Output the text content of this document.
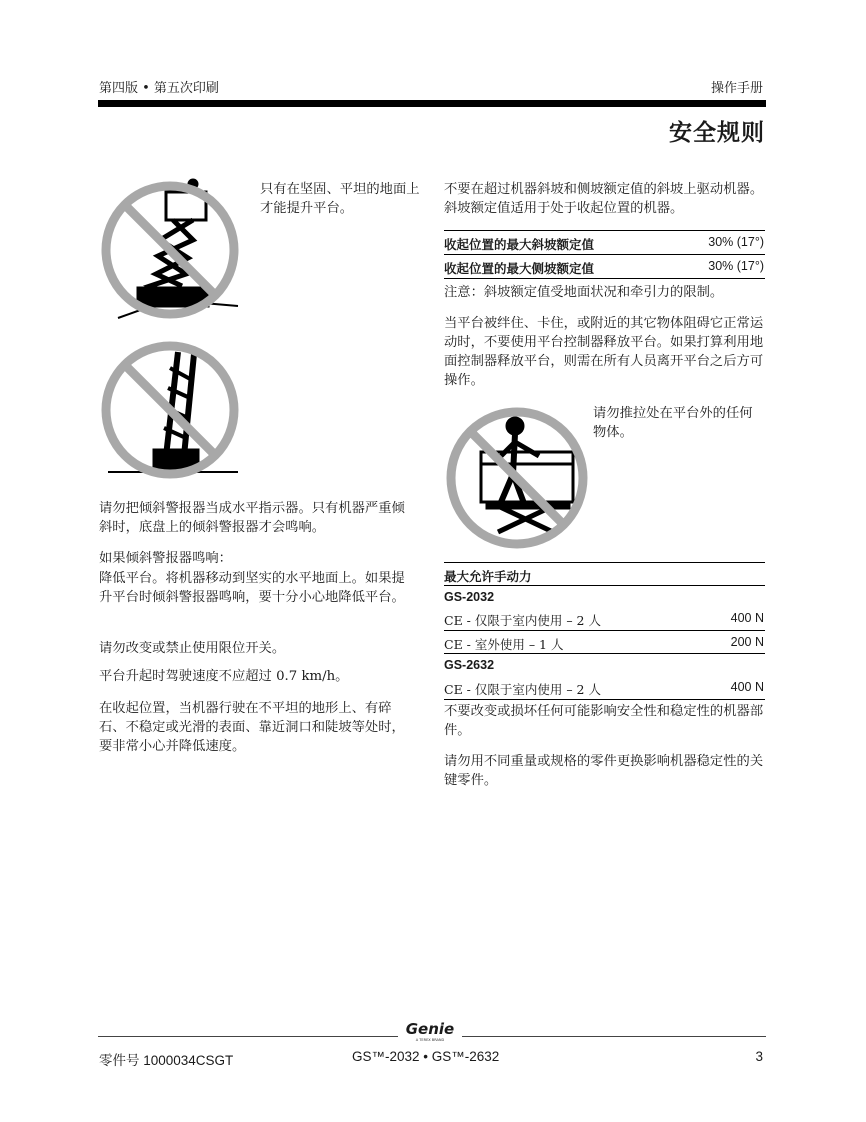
第四版 • 第五次印刷	操作手册
安全规则
只有在坚固、平坦的地面上才能提升平台。
请勿把倾斜警报器当成水平指示器。只有机器严重倾斜时，底盘上的倾斜警报器才会鸣响。
如果倾斜警报器鸣响：
降低平台。将机器移动到坚实的水平地面上。如果提升平台时倾斜警报器鸣响，要十分小心地降低平台。
请勿改变或禁止使用限位开关。
平台升起时驾驶速度不应超过 0.7 km/h。
在收起位置，当机器行驶在不平坦的地形上、有碎石、不稳定或光滑的表面、靠近洞口和陡坡等处时，要非常小心并降低速度。
不要在超过机器斜坡和侧坡额定值的斜坡上驱动机器。斜坡额定值适用于处于收起位置的机器。
收起位置的最大斜坡额定值	30% (17°)
收起位置的最大侧坡额定值	30% (17°)
注意：斜坡额定值受地面状况和牵引力的限制。
当平台被绊住、卡住，或附近的其它物体阻碍它正常运动时，不要使用平台控制器释放平台。如果打算利用地面控制器释放平台，则需在所有人员离开平台之后方可操作。
请勿推拉处在平台外的任何物体。
最大允许手动力
GS-2032
CE - 仅限于室内使用 – 2 人	400 N
CE - 室外使用 – 1 人	200 N
GS-2632
CE - 仅限于室内使用 – 2 人	400 N
不要改变或损坏任何可能影响安全性和稳定性的机器部件。
请勿用不同重量或规格的零件更换影响机器稳定性的关键零件。
Genie
A TEREX BRAND
零件号 1000034CSGT	GS™-2032 • GS™-2632	3
